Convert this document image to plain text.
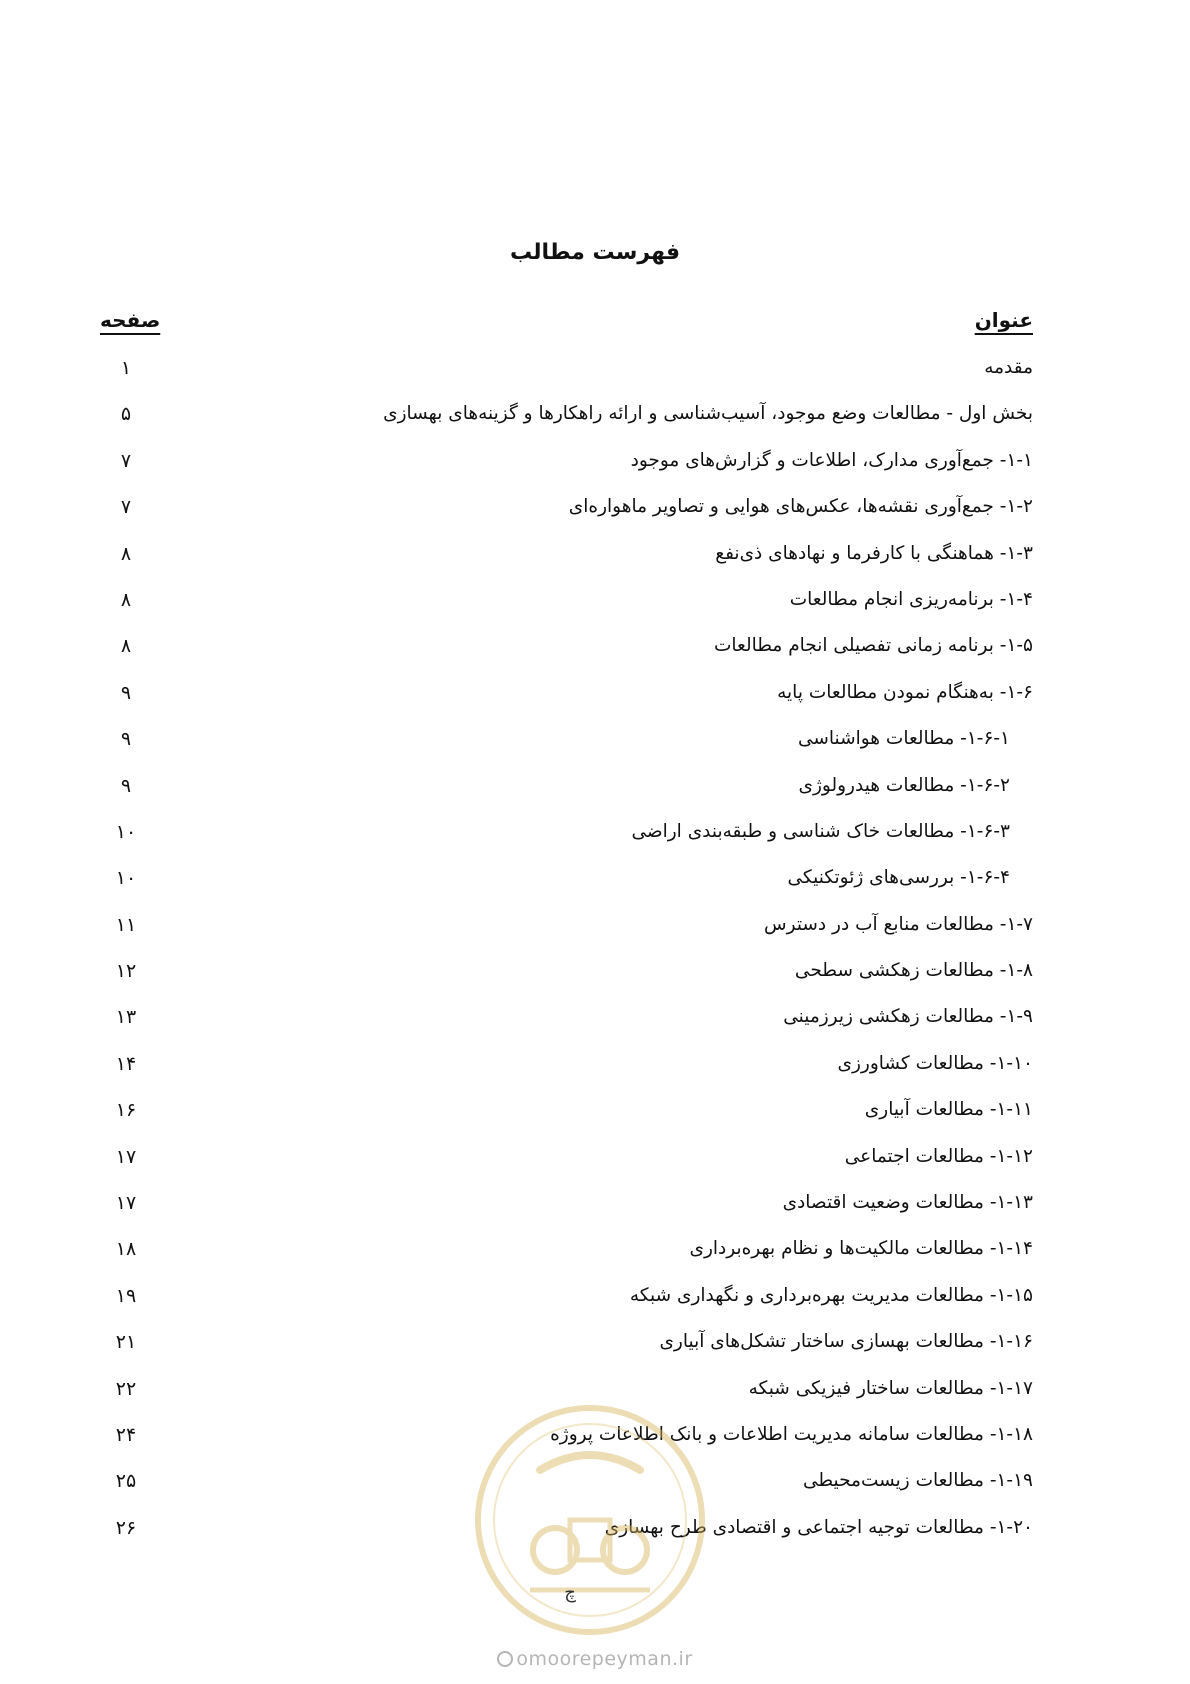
فهرست مطالب
عنوان
صفحه
مقدمه
۱
بخش اول - مطالعات وضع موجود، آسیب‌شناسی و ارائه راهکارها و گزینه‌های بهسازی
۵
۱-۱- جمع‌آوری مدارک، اطلاعات و گزارش‌های موجود
۷
۱-۲- جمع‌آوری نقشه‌ها، عکس‌های هوایی و تصاویر ماهواره‌ای
۷
۱-۳- هماهنگی با کارفرما و نهادهای ذی‌نفع
۸
۱-۴- برنامه‌ریزی انجام مطالعات
۸
۱-۵- برنامه زمانی تفصیلی انجام مطالعات
۸
۱-۶- به‌هنگام نمودن مطالعات پایه
۹
۱-۶-۱- مطالعات هواشناسی
۹
۱-۶-۲- مطالعات هیدرولوژی
۹
۱-۶-۳- مطالعات خاک شناسی و طبقه‌بندی اراضی
۱۰
۱-۶-۴- بررسی‌های ژئوتکنیکی
۱۰
۱-۷- مطالعات منابع آب در دسترس
۱۱
۱-۸- مطالعات زهکشی سطحی
۱۲
۱-۹- مطالعات زهکشی زیرزمینی
۱۳
۱-۱۰- مطالعات کشاورزی
۱۴
۱-۱۱- مطالعات آبیاری
۱۶
۱-۱۲- مطالعات اجتماعی
۱۷
۱-۱۳- مطالعات وضعیت اقتصادی
۱۷
۱-۱۴- مطالعات مالکیت‌ها و نظام بهره‌برداری
۱۸
۱-۱۵- مطالعات مدیریت بهره‌برداری و نگهداری شبکه
۱۹
۱-۱۶- مطالعات بهسازی ساختار تشکل‌های آبیاری
۲۱
۱-۱۷- مطالعات ساختار فیزیکی شبکه
۲۲
۱-۱۸- مطالعات سامانه مدیریت اطلاعات و بانک اطلاعات پروژه
۲۴
۱-۱۹- مطالعات زیست‌محیطی
۲۵
۱-۲۰- مطالعات توجیه اجتماعی و اقتصادی طرح بهسازی
۲۶
چ
omoorepeyman.ir
